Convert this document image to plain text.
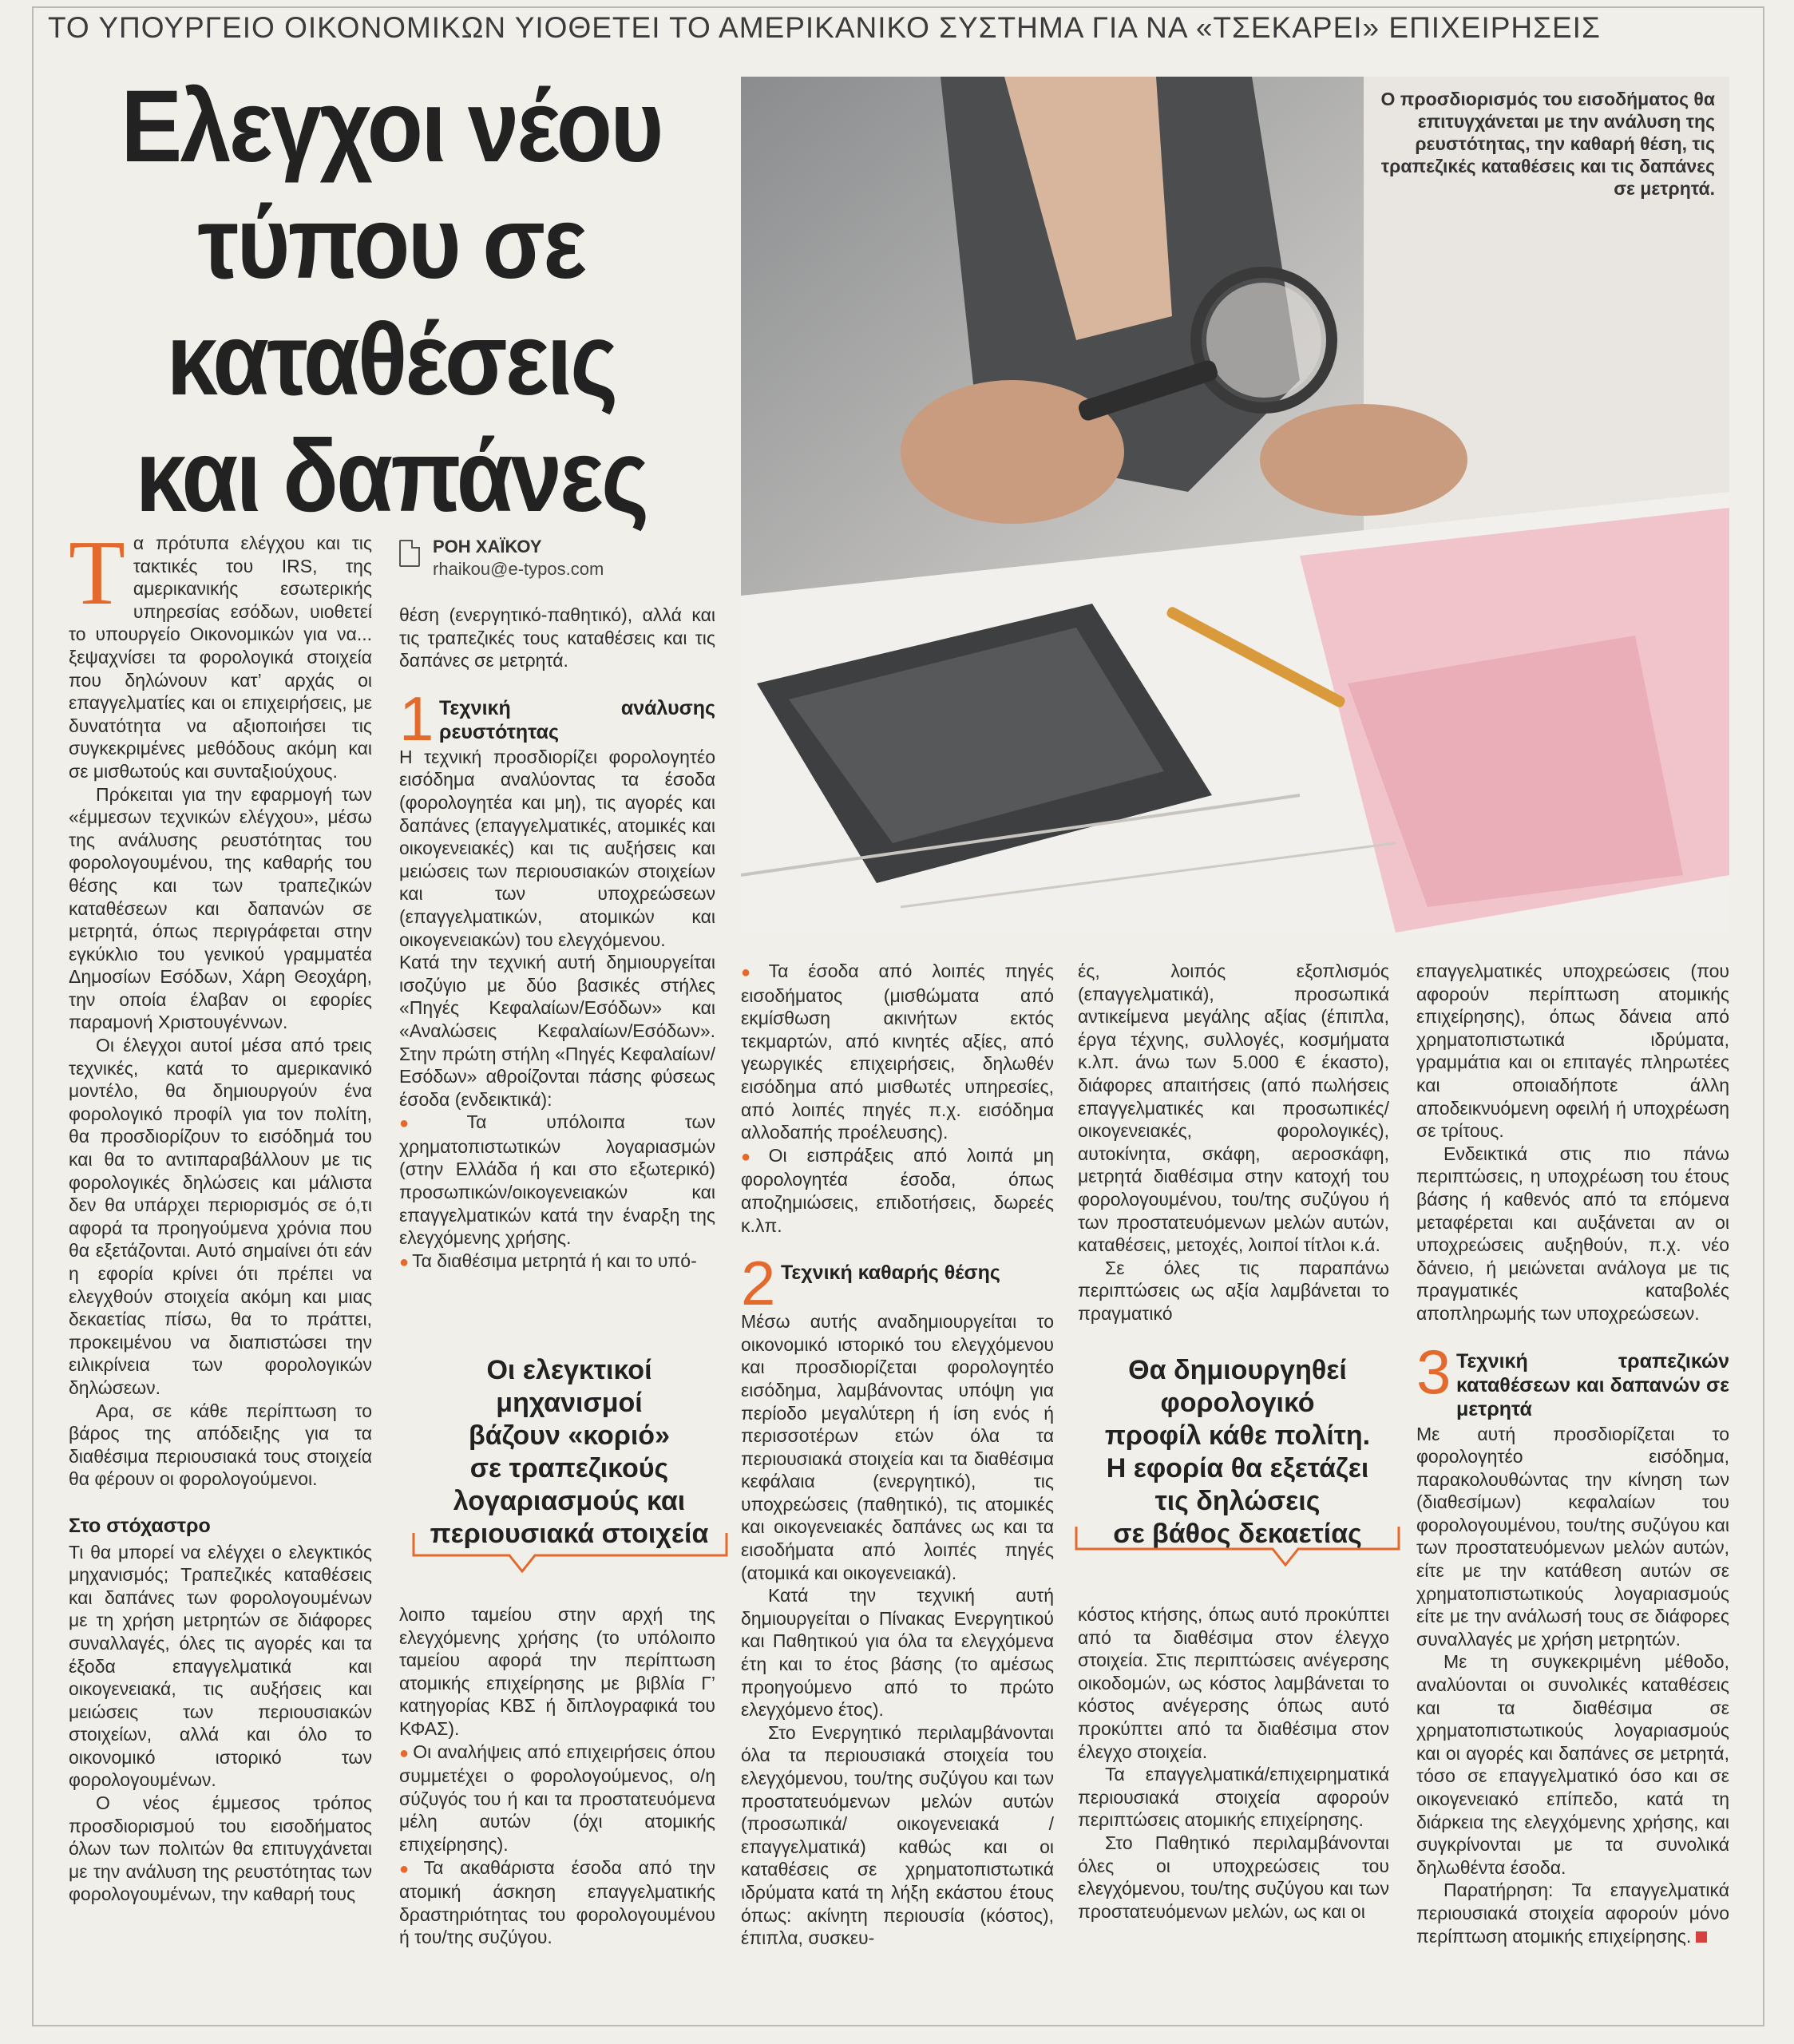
ΤΟ ΥΠΟΥΡΓΕΙΟ ΟΙΚΟΝΟΜΙΚΩΝ ΥΙΟΘΕΤΕΙ ΤΟ ΑΜΕΡΙΚΑΝΙΚΟ ΣΥΣΤΗΜΑ ΓΙΑ ΝΑ «ΤΣΕΚΑΡΕΙ» ΕΠΙΧΕΙΡΗΣΕΙΣ
Ελεγχοι νέου
τύπου σε
καταθέσεις
και δαπάνες
Ο προσδιορισμός του εισοδήματος θα επιτυγχάνεται με την ανάλυση της ρευστότητας, την καθαρή θέση, τις τραπεζικές καταθέσεις και τις δαπάνες σε μετρητά.

Τα πρότυπα ελέγχου και τις τακτικές του IRS, της αμερικανικής εσωτερικής υπηρεσίας εσόδων, υιοθετεί το υπουργείο Οικονομικών για να... ξεψαχνίσει τα φορολογικά στοιχεία που δηλώνουν κατ’ αρχάς οι επαγγελματίες και οι επιχειρήσεις, με δυνατότητα να αξιοποιήσει τις συγκεκριμένες μεθόδους ακόμη και σε μισθωτούς και συνταξιούχους.

Πρόκειται για την εφαρμογή των «έμμεσων τεχνικών ελέγχου», μέσω της ανάλυσης ρευστότητας του φορολογουμένου, της καθαρής του θέσης και των τραπεζικών καταθέσεων και δαπανών σε μετρητά, όπως περιγράφεται στην εγκύκλιο του γενικού γραμματέα Δημοσίων Εσόδων, Χάρη Θεοχάρη, την οποία έλαβαν οι εφορίες παραμονή Χριστουγέννων.

Οι έλεγχοι αυτοί μέσα από τρεις τεχνικές, κατά το αμερικανικό μοντέλο, θα δημιουργούν ένα φορολογικό προφίλ για τον πολίτη, θα προσδιορίζουν το εισόδημά του και θα το αντιπαραβάλλουν με τις φορολογικές δηλώσεις και μάλιστα δεν θα υπάρχει περιορισμός σε ό,τι αφορά τα προηγούμενα χρόνια που θα εξετάζονται. Αυτό σημαίνει ότι εάν η εφορία κρίνει ότι πρέπει να ελεγχθούν στοιχεία ακόμη και μιας δεκαετίας πίσω, θα το πράττει, προκειμένου να διαπιστώσει την ειλικρίνεια των φορολογικών δηλώσεων.

Αρα, σε κάθε περίπτωση το βάρος της απόδειξης για τα διαθέσιμα περιουσιακά τους στοιχεία θα φέρουν οι φορολογούμενοι.

Στο στόχαστρο

Τι θα μπορεί να ελέγχει ο ελεγκτικός μηχανισμός; Τραπεζικές καταθέσεις και δαπάνες των φορολογουμένων με τη χρήση μετρητών σε διάφορες συναλλαγές, όλες τις αγορές και τα έξοδα επαγγελματικά και οικογενειακά, τις αυξήσεις και μειώσεις των περιουσιακών στοιχείων, αλλά και όλο το οικονομικό ιστορικό των φορολογουμένων.

Ο νέος έμμεσος τρόπος προσδιορισμού του εισοδήματος όλων των πολιτών θα επιτυγχάνεται με την ανάλυση της ρευστότητας των φορολογουμένων, την καθαρή τους

ΡΟΗ ΧΑΪΚΟΥ
rhaikou@e-typos.com

θέση (ενεργητικό-παθητικό), αλλά και τις τραπεζικές τους καταθέσεις και τις δαπάνες σε μετρητά.

1 Τεχνική ανάλυσης ρευστότητας

Η τεχνική προσδιορίζει φορολογητέο εισόδημα αναλύοντας τα έσοδα (φορολογητέα και μη), τις αγορές και δαπάνες (επαγγελματικές, ατομικές και οικογενειακές) και τις αυξήσεις και μειώσεις των περιουσιακών στοιχείων και των υποχρεώσεων (επαγγελματικών, ατομικών και οικογενειακών) του ελεγχόμενου.

Κατά την τεχνική αυτή δημιουργείται ισοζύγιο με δύο βασικές στήλες «Πηγές Κεφαλαίων/Εσόδων» και «Αναλώσεις Κεφαλαίων/Εσόδων». Στην πρώτη στήλη «Πηγές Κεφαλαίων/Εσόδων» αθροίζονται πάσης φύσεως έσοδα (ενδεικτικά):

● Τα υπόλοιπα των χρηματοπιστωτικών λογαριασμών (στην Ελλάδα ή και στο εξωτερικό) προσωπικών/οικογενειακών και επαγγελματικών κατά την έναρξη της ελεγχόμενης χρήσης.

● Τα διαθέσιμα μετρητά ή και το υπό-

Οι ελεγκτικοί
μηχανισμοί
βάζουν «κοριό»
σε τραπεζικούς
λογαριασμούς και
περιουσιακά στοιχεία

λοιπο ταμείου στην αρχή της ελεγχόμενης χρήσης (το υπόλοιπο ταμείου αφορά την περίπτωση ατομικής επιχείρησης με βιβλία Γ’ κατηγορίας ΚΒΣ ή διπλογραφικά του ΚΦΑΣ).

● Οι αναλήψεις από επιχειρήσεις όπου συμμετέχει ο φορολογούμενος, ο/η σύζυγός του ή και τα προστατευόμενα μέλη αυτών (όχι ατομικής επιχείρησης).

● Τα ακαθάριστα έσοδα από την ατομική άσκηση επαγγελματικής δραστηριότητας του φορολογουμένου ή του/της συζύγου.

● Τα έσοδα από λοιπές πηγές εισοδήματος (μισθώματα από εκμίσθωση ακινήτων εκτός τεκμαρτών, από κινητές αξίες, από γεωργικές επιχειρήσεις, δηλωθέν εισόδημα από μισθωτές υπηρεσίες, από λοιπές πηγές π.χ. εισόδημα αλλοδαπής προέλευσης).

● Οι εισπράξεις από λοιπά μη φορολογητέα έσοδα, όπως αποζημιώσεις, επιδοτήσεις, δωρεές κ.λπ.

2 Τεχνική καθαρής θέσης

Μέσω αυτής αναδημιουργείται το οικονομικό ιστορικό του ελεγχόμενου και προσδιορίζεται φορολογητέο εισόδημα, λαμβάνοντας υπόψη για περίοδο μεγαλύτερη ή ίση ενός ή περισσοτέρων ετών όλα τα περιουσιακά στοιχεία και τα διαθέσιμα κεφάλαια (ενεργητικό), τις υποχρεώσεις (παθητικό), τις ατομικές και οικογενειακές δαπάνες ως και τα εισοδήματα από λοιπές πηγές (ατομικά και οικογενειακά).

Κατά την τεχνική αυτή δημιουργείται ο Πίνακας Ενεργητικού και Παθητικού για όλα τα ελεγχόμενα έτη και το έτος βάσης (το αμέσως προηγούμενο από το πρώτο ελεγχόμενο έτος).

Στο Ενεργητικό περιλαμβάνονται όλα τα περιουσιακά στοιχεία του ελεγχόμενου, του/της συζύγου και των προστατευόμενων μελών αυτών (προσωπικά/ οικογενειακά /επαγγελματικά) καθώς και οι καταθέσεις σε χρηματοπιστωτικά ιδρύματα κατά τη λήξη εκάστου έτους όπως: ακίνητη περιουσία (κόστος), έπιπλα, συσκευ-

ές, λοιπός εξοπλισμός (επαγγελματικά), προσωπικά αντικείμενα μεγάλης αξίας (έπιπλα, έργα τέχνης, συλλογές, κοσμήματα κ.λπ. άνω των 5.000 € έκαστο), διάφορες απαιτήσεις (από πωλήσεις επαγγελματικές και προσωπικές/οικογενειακές, φορολογικές), αυτοκίνητα, σκάφη, αεροσκάφη, μετρητά διαθέσιμα στην κατοχή του φορολογουμένου, του/της συζύγου ή των προστατευόμενων μελών αυτών, καταθέσεις, μετοχές, λοιποί τίτλοι κ.ά.

Σε όλες τις παραπάνω περιπτώσεις ως αξία λαμβάνεται το πραγματικό

Θα δημιουργηθεί
φορολογικό
προφίλ κάθε πολίτη.
Η εφορία θα εξετάζει
τις δηλώσεις
σε βάθος δεκαετίας

κόστος κτήσης, όπως αυτό προκύπτει από τα διαθέσιμα στον έλεγχο στοιχεία. Στις περιπτώσεις ανέγερσης οικοδομών, ως κόστος λαμβάνεται το κόστος ανέγερσης όπως αυτό προκύπτει από τα διαθέσιμα στον έλεγχο στοιχεία.

Τα επαγγελματικά/επιχειρηματικά περιουσιακά στοιχεία αφορούν περιπτώσεις ατομικής επιχείρησης.

Στο Παθητικό περιλαμβάνονται όλες οι υποχρεώσεις του ελεγχόμενου, του/της συζύγου και των προστατευόμενων μελών, ως και οι

επαγγελματικές υποχρεώσεις (που αφορούν περίπτωση ατομικής επιχείρησης), όπως δάνεια από χρηματοπιστωτικά ιδρύματα, γραμμάτια και οι επιταγές πληρωτέες και οποιαδήποτε άλλη αποδεικνυόμενη οφειλή ή υποχρέωση σε τρίτους.

Ενδεικτικά στις πιο πάνω περιπτώσεις, η υποχρέωση του έτους βάσης ή καθενός από τα επόμενα μεταφέρεται και αυξάνεται αν οι υποχρεώσεις αυξηθούν, π.χ. νέο δάνειο, ή μειώνεται ανάλογα με τις πραγματικές καταβολές αποπληρωμής των υποχρεώσεων.

3 Τεχνική τραπεζικών καταθέσεων και δαπανών σε μετρητά

Με αυτή προσδιορίζεται το φορολογητέο εισόδημα, παρακολουθώντας την κίνηση των (διαθεσίμων) κεφαλαίων του φορολογουμένου, του/της συζύγου και των προστατευόμενων μελών αυτών, είτε με την κατάθεση αυτών σε χρηματοπιστωτικούς λογαριασμούς είτε με την ανάλωσή τους σε διάφορες συναλλαγές με χρήση μετρητών.

Με τη συγκεκριμένη μέθοδο, αναλύονται οι συνολικές καταθέσεις και τα διαθέσιμα σε χρηματοπιστωτικούς λογαριασμούς και οι αγορές και δαπάνες σε μετρητά, τόσο σε επαγγελματικό όσο και σε οικογενειακό επίπεδο, κατά τη διάρκεια της ελεγχόμενης χρήσης, και συγκρίνονται με τα συνολικά δηλωθέντα έσοδα.

Παρατήρηση: Τα επαγγελματικά περιουσιακά στοιχεία αφορούν μόνο περίπτωση ατομικής επιχείρησης.
